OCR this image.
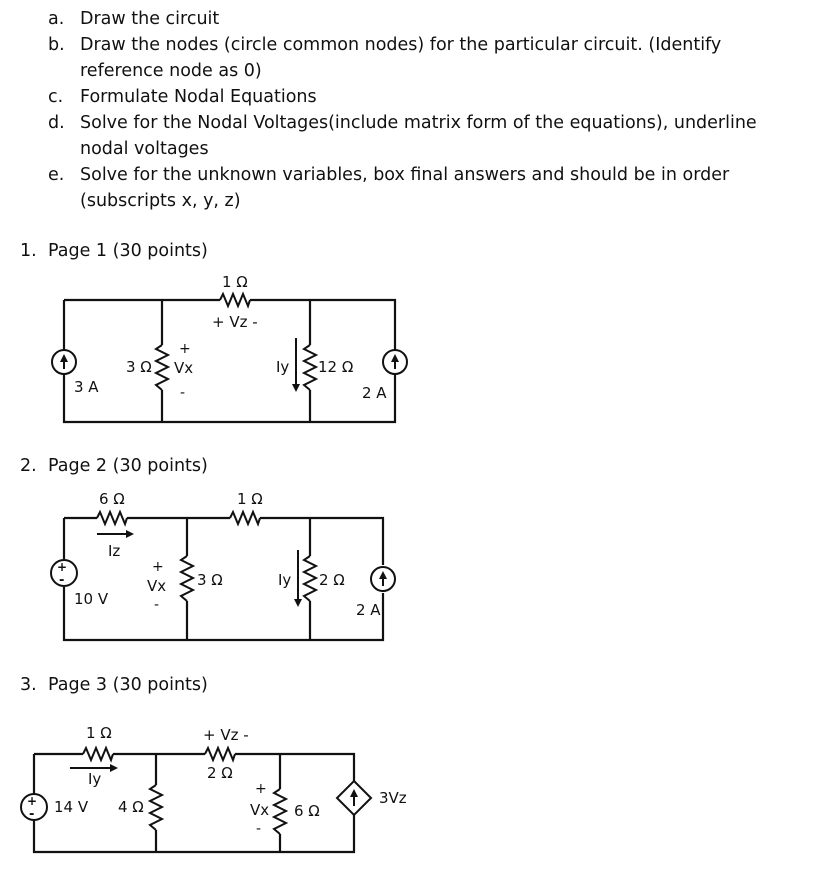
a. Draw the circuit
b. Draw the nodes (circle common nodes) for the particular circuit. (Identify reference node as 0)
c. Formulate Nodal Equations
d. Solve for the Nodal Voltages(include matrix form of the equations), underline nodal voltages
e. Solve for the unknown variables, box final answers and should be in order (subscripts x, y, z)
1. Page 1 (30 points)
2. Page 2 (30 points)
3. Page 3 (30 points)
1 Ω
+ Vz -
3 Ω
+
Vx
-
Iy 12 Ω
3 A	2 A
+
-
6 Ω	1 Ω
Iz
+
Vx
-
3 Ω	Iy 2 Ω
10 V
2 A
+
-
1 Ω
Iy
+ Vz -
2 Ω
14 V 4 Ω
+
Vx
-
6 Ω
3Vz
